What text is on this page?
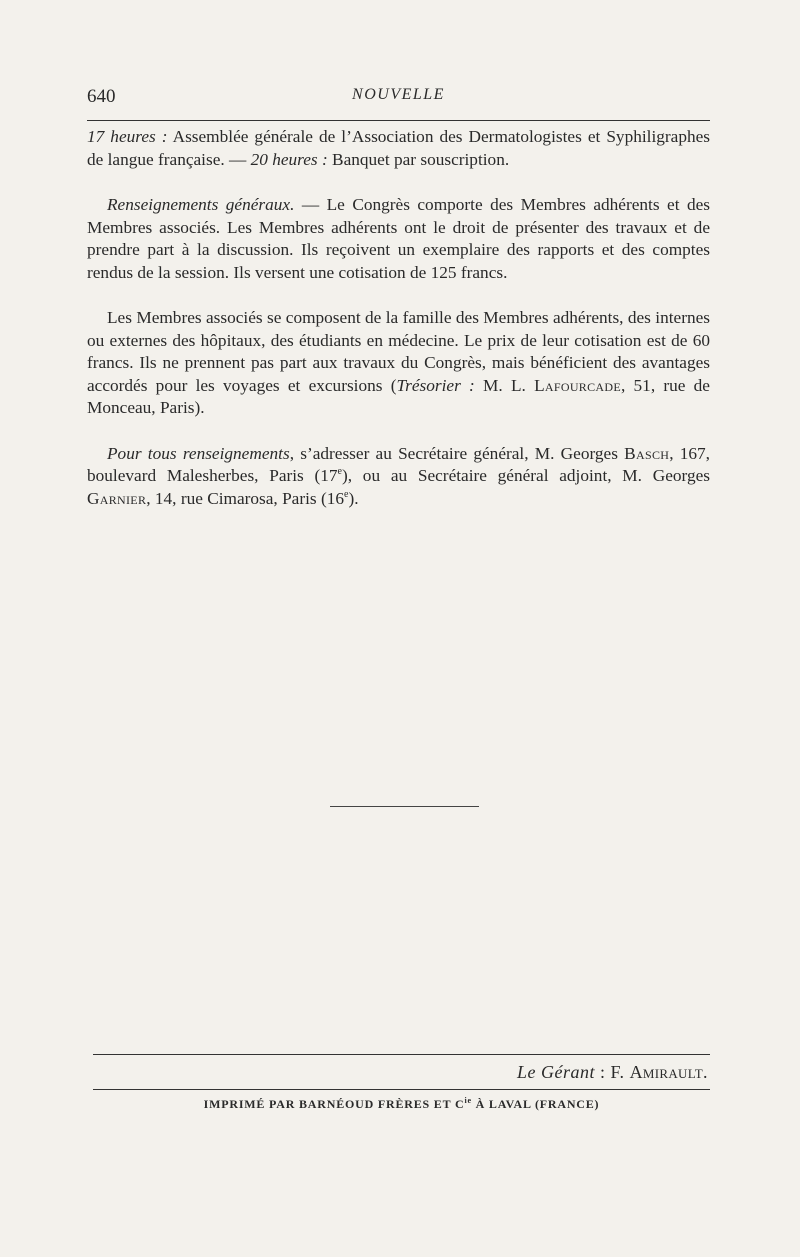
640	NOUVELLE

17 heures : Assemblée générale de l’Association des Dermatologistes et Syphiligraphes de langue française. — 20 heures : Banquet par souscription.

Renseignements généraux. — Le Congrès comporte des Membres adhérents et des Membres associés. Les Membres adhérents ont le droit de présenter des travaux et de prendre part à la discussion. Ils reçoivent un exemplaire des rapports et des comptes rendus de la session. Ils versent une cotisation de 125 francs.

Les Membres associés se composent de la famille des Membres adhérents, des internes ou externes des hôpitaux, des étudiants en médecine. Le prix de leur cotisation est de 60 francs. Ils ne prennent pas part aux travaux du Congrès, mais bénéficient des avantages accordés pour les voyages et excursions (Trésorier : M. L. Lafourcade, 51, rue de Monceau, Paris).

Pour tous renseignements, s’adresser au Secrétaire général, M. Georges Basch, 167, boulevard Malesherbes, Paris (17e), ou au Secrétaire général adjoint, M. Georges Garnier, 14, rue Cimarosa, Paris (16e).

Le Gérant : F. Amirault.
IMPRIMÉ PAR BARNÉOUD FRÈRES ET $C^{ie}$ À LAVAL (FRANCE)
